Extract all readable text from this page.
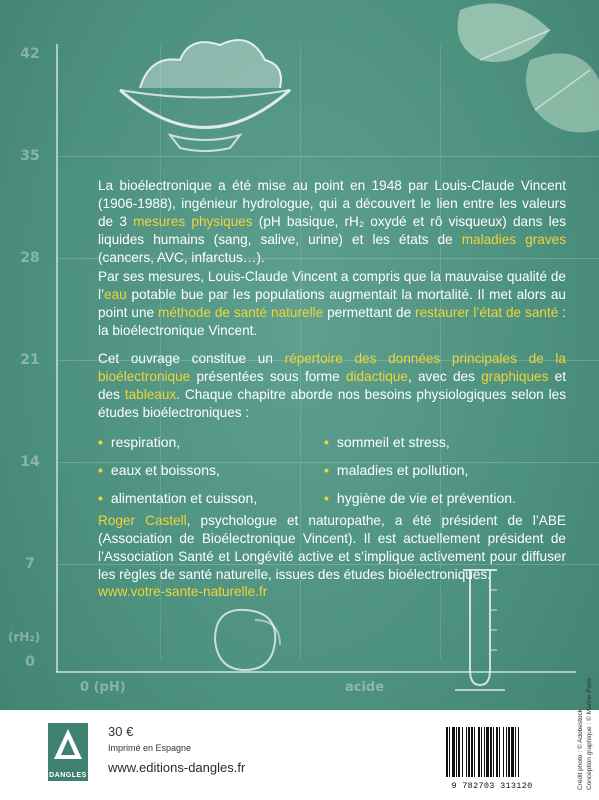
42
35
28
21
14
7
0
(rH₂)
0 (pH)	acide

La bioélectronique a été mise au point en 1948 par Louis-Claude Vincent (1906-1988), ingénieur hydrologue, qui a découvert le lien entre les valeurs de 3 mesures physiques (pH basique, rH₂ oxydé et rô visqueux) dans les liquides humains (sang, salive, urine) et les états de maladies graves (cancers, AVC, infarctus…).

Par ses mesures, Louis-Claude Vincent a compris que la mauvaise qualité de l’eau potable bue par les populations augmentait la mortalité. Il met alors au point une méthode de santé naturelle permettant de restaurer l’état de santé : la bioélectronique Vincent.

Cet ouvrage constitue un répertoire des données principales de la bioélectronique présentées sous forme didactique, avec des graphiques et des tableaux. Chaque chapitre aborde nos besoins physiologiques selon les études bioélectroniques :

• respiration,
• eaux et boissons,
• alimentation et cuisson,
• sommeil et stress,
• maladies et pollution,
• hygiène de vie et prévention.

Roger Castell, psychologue et naturopathe, a été président de l’ABE (Association de Bioélectronique Vincent). Il est actuellement président de l’Association Santé et Longévité active et s’implique activement pour diffuser les règles de santé naturelle, issues des études bioélectroniques.

www.votre-sante-naturelle.fr
DANGLES
30 €
Imprimé en Espagne
www.editions-dangles.fr
9 782703 313120	Crédit photo : © Adobestock Conception graphique : © Marine Paris
